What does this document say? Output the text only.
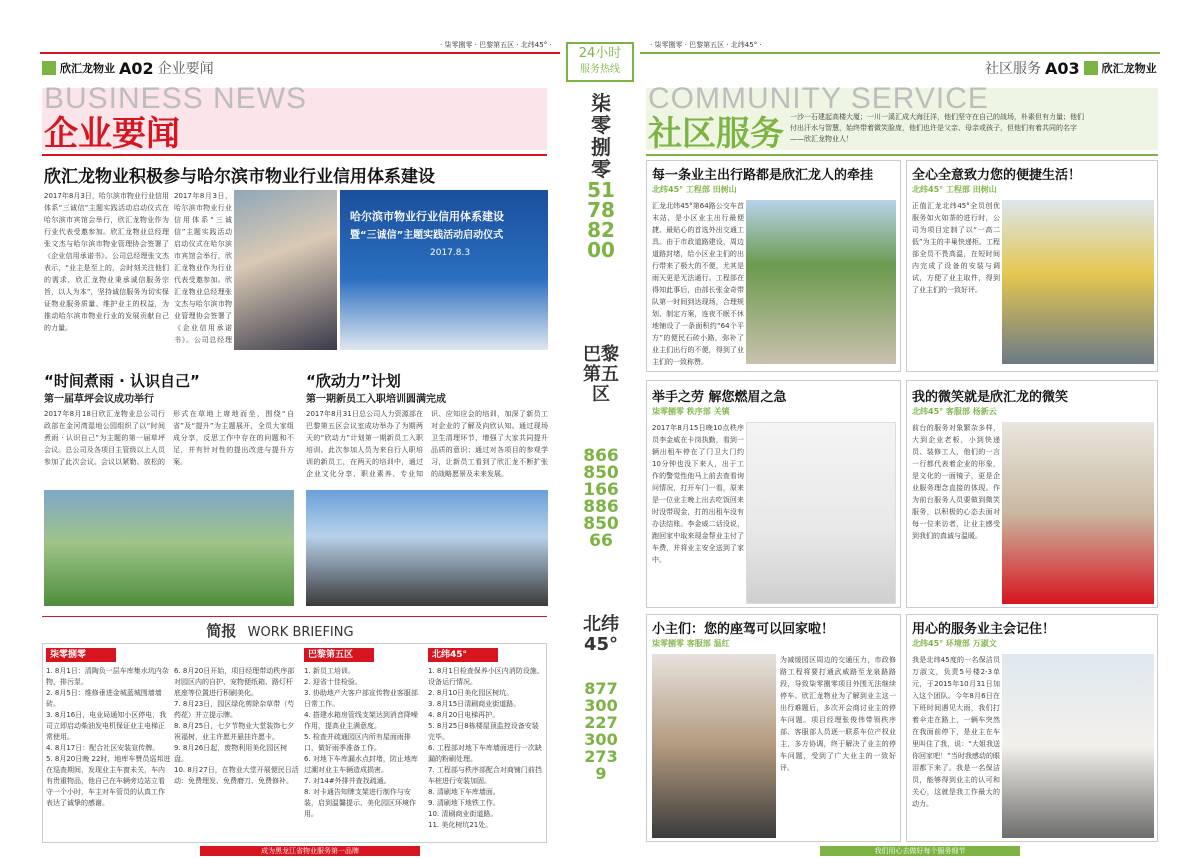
· 柒零捌零 · 巴黎第五区 · 北纬45° ·
欣汇龙物业 A02 企业要闻
BUSINESS NEWS
企业要闻
欣汇龙物业积极参与哈尔滨市物业行业信用体系建设
2017年8月3日，哈尔滨市物业行业信用体系“三诚信”主题实践活动启动仪式在哈尔滨市宾馆会举行，欣汇龙物业作为行业代表受邀参加。欣汇龙物业总经理张文杰与哈尔滨市物业管理协会签署了《企业信用承诺书》。公司总经理张文杰表示，“业主是至上的，会时刻关注他们的需求，欣汇龙物业秉承诚信服务宗旨，以人为本”，坚持诚信服务为切实保证物业服务质量、维护业主的权益，为推动哈尔滨市物业行业的发展贡献自己的力量。
2017年8月3日，哈尔滨市物业行业信用体系“三诚信”主题实践活动启动仪式在哈尔滨市宾馆会举行，欣汇龙物业作为行业代表受邀参加。欣汇龙物业总经理张文杰与哈尔滨市物业管理协会签署了《企业信用承诺书》。公司总经理
哈尔滨市物业行业信用体系建设
暨“三诚信”主题实践活动启动仪式
2017.8.3
“时间煮雨 · 认识自己”
第一届草坪会议成功举行
2017年8月18日欣汇龙物业总公司行政部在金河湾湿地公园组织了以“时间煮雨 · 认识自己”为主题的第一届草坪会议。总公司及各项目主管级以上人员参加了此次会议。会议以紧勒、放松的形式在草地上席地而坐，围绕“自省”及“提升”为主题展开，全员大家组成分享，反思工作中存在的问题和不足，并有针对性的提出改进与提升方案。
“欣动力”计划
第一期新员工入职培训圆满完成
2017年8月31日总公司人力资源部在巴黎第五区会议室成功举办了为期两天的“欣动力”计划第一期新员工入职培训。此次参加人员为来自行人职培训的新员工，在两天的培训中，通过企业文化分享、职业素养、专业知识、应知应会的培训，加深了新员工对企业的了解及向欣认知。通过现场卫生清理环节，增强了大家共同提升品质的意识；通过对各项目的参观学习，让新员工看到了欣汇龙不断扩张的战略愿景及未来发展。
简报 WORK BRIEFING
柒零捌零
1. 8月1日：清陶负一层车库集水坑内杂物，排污泵。
2. 8月5日：维修垂进金城蓝城围墙墙砖。
3. 8月16日，电业局通知小区停电，我司立即启动柴油发电机保证业主电梯正常使用。
4. 8月17日：配合社区安装宣传牌。
5. 8月20日晚 22时，地库车赞员巡邦进在巡查期间，发现业主车窗未关，车内有贵重物品，他自己在车辆旁边站立看守一个小时，车主对车管员的认真工作表达了诚挚的感谢。
6. 8月20日开始，项目经理带动秩序部对园区内的自护、宠物便纸箱、路灯杆底座等位置进行积刷美化。
7. 8月23日，园区绿化剪除杂草带（芍药花）并立提示牌。
8. 8月25日，七夕节物业大堂装饰七夕祝福树，业主许愿并悬挂许愿卡。
9. 8月26日起，废物利用美化园区树盘。
10. 8月27日，在物业大堂开展便民日活动：免费理发、免费磨刀、免费修补。
巴黎第五区
1. 新员工培训。
2. 迎省十佳检验。
3. 协助地产大客户部宣传物业客服部日常工作。
4. 搭建水箱房管线支架达到消音降噪作用，提高业主满意度。
5. 检查并疏通园区内所有屋面雨排口，做好雨季准备工作。
6. 对地下车库漏水点封堵，防止地库过潮对业主车辆造成损害。
7. 对14#外排井查找疏通。
8. 对卡通告知牌支架进行制作与安装，启到温馨提示、美化园区环境作用。
北纬45°
1. 8月1日检查保养小区内消防设施、设备运行情况。
2. 8月10日美化园区树坑。
3. 8月15日清刷商业街道路。
4. 8月20日电梯再护。
5. 8月25日8栋楼屋顶监控设备安装完毕。
6. 工程部对地下车库墙面进行一次缺漏的粉刷处理。
7. 工程部与秩序部配合对商铺门前挡车桩进行安装加固。
8. 清刷地下车库墙面。
9. 清刷地下地铁工作。
10. 清刷商业街道路。
11. 美化树坑21处。
成为黑龙江省物业服务第一品牌
24小时
服务热线
柒零捌零
51788200
巴黎第五区
86685016688685066
北纬45°
8773002273002739
· 柒零捌零 · 巴黎第五区 · 北纬45° ·
社区服务 A03 欣汇龙物业
COMMUNITY SERVICE
社区服务 一沙一石建起高楼大厦；一川一溪汇成大海汪洋，他们坚守在自己的战场，朴素但有力量；他们付出汗水与智慧，始终带着微笑脸庞，他们也许是父亲、母亲或孩子，但他们有着共同的名字——欣汇龙物业人！
每一条业主出行路都是欣汇龙人的牵挂
北纬45° 工程部 田树山
汇龙北纬45°第64路公交车首末站，是小区业主出行最便捷、最贴心的首选外出交通工具。由于市政道路建设，周边道路封堵，给小区业主们的出行带来了极大的不便，尤其是雨天更是无法通行。工程部在得知此事后，由部长张金奇带队第一时间到达现场，合理规划、制定方案，连夜不眠不休地铺设了一条面积约“64个平方”的便民石砖小路，弥补了业主们出行的不便，得到了业主们的一致称赞。
全心全意致力您的便捷生活！
北纬45° 工程部 田树山
正值汇龙北纬45°全员创优服务如火如荼的进行时，公司为项目定制了以“一高二低”为主的丰巢快递柜。工程部全员不畏高温，在短时间内完成了设备的安装与调试，方便了业主取件，得到了业主们的一致好评。
举手之劳 解您燃眉之急
柒零捌零 秩序部 关镇
2017年8月15日晚10点秩序员李金威在卡岗执勤，看到一辆出租车停在了门卫大门约10分钟也没下来人，出于工作的警觉性他马上前去查看询问情况，打开车门一看，原来是一位业主晚上出去吃饭回来时没带现金，打的出租车没有办法结账。李金威二话没说，跑回家中取来现金帮业主付了车费，并将业主安全送到了家中。
我的微笑就是欣汇龙的微笑
北纬45° 客服部 杨新云
前台的服务对象繁杂多样，大到企业老板，小到快递员、装修工人，他们的一言一行都代表着企业的形象，是文化的一面镜子，更是企业服务理念直接的体现。作为前台服务人员要做到微笑服务，以积极的心态去面对每一位来访者，让业主感受到我们的真诚与温暖。
小主们：您的座驾可以回家啦！
柒零捌零 客服部 温红
为减缓园区周边的交通压力，市政修路工程将要打通武威路至龙泉路路段，导致柒零捌零项目外围无法继续停车。欣汇龙物业为了解到业主这一出行难题后，多次开会商讨业主的停车问题。项目经理张俊伟带领秩序部、客服部人员逐一联系车位产权业主，多方协调，终于解决了业主的停车问题，受到了广大业主的一致好评。
用心的服务业主会记住！
北纬45° 环境部 万淑文
我是北纬45度的一名保洁员万淑文，负责5号楼2-3单元，于2015年10月31日加入这个团队。今年8月6日在下班时间遇见大雨，我们打着伞走在路上，一辆车突然在我面前停下，是业主在车里叫住了我，说：“大姐我送你回家吧！”当时我感动的眼泪都下来了。我是一名保洁员，能够得到业主的认可和关心，这就是我工作最大的动力。
我们用心去做好每个服务细节
